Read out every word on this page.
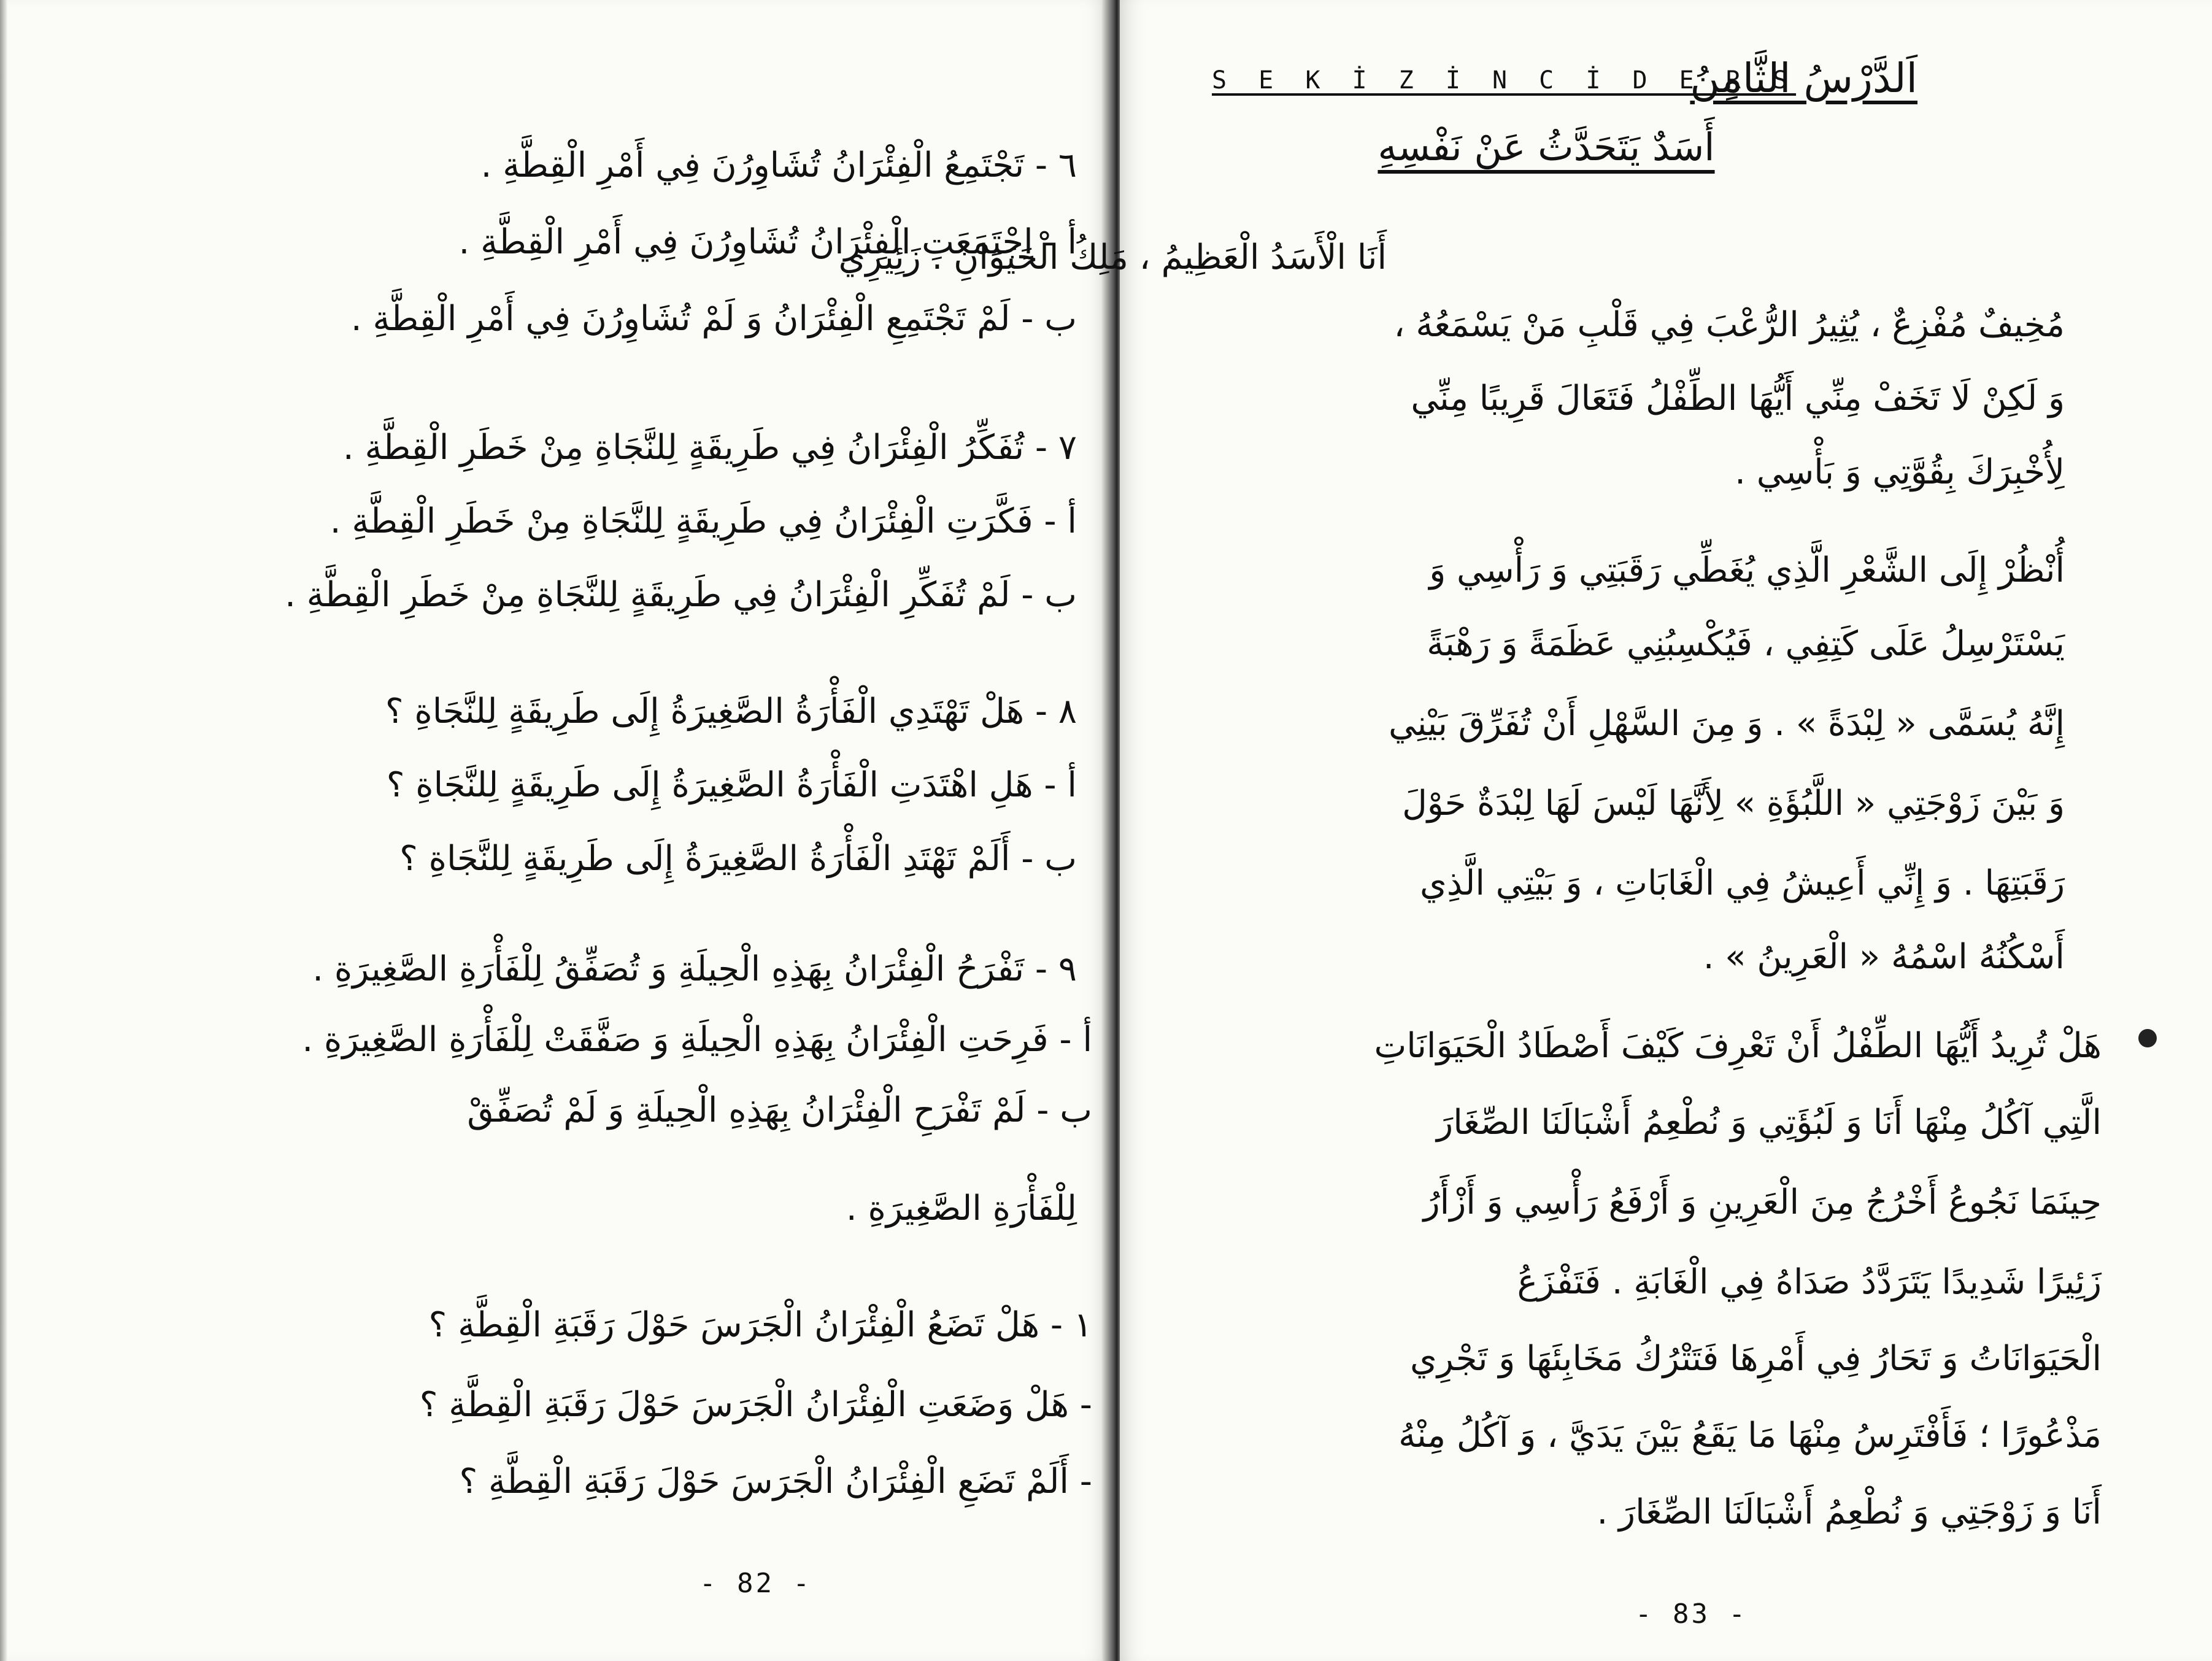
٦ - تَجْتَمِعُ الْفِئْرَانُ تُشَاوِرُنَ فِي أَمْرِ الْقِطَّةِ .
أ - اِجْتَمَعَتِ الْفِئْرَانُ تُشَاوِرُنَ فِي أَمْرِ الْقِطَّةِ .
ب - لَمْ تَجْتَمِعِ الْفِئْرَانُ وَ لَمْ تُشَاوِرُنَ فِي أَمْرِ الْقِطَّةِ .
٧ - تُفَكِّرُ الْفِئْرَانُ فِي طَرِيقَةٍ لِلنَّجَاةِ مِنْ خَطَرِ الْقِطَّةِ .
أ - فَكَّرَتِ الْفِئْرَانُ فِي طَرِيقَةٍ لِلنَّجَاةِ مِنْ خَطَرِ الْقِطَّةِ .
ب - لَمْ تُفَكِّرِ الْفِئْرَانُ فِي طَرِيقَةٍ لِلنَّجَاةِ مِنْ خَطَرِ الْقِطَّةِ .
٨ - هَلْ تَهْتَدِي الْفَأْرَةُ الصَّغِيرَةُ إِلَى طَرِيقَةٍ لِلنَّجَاةِ ؟
أ - هَلِ اهْتَدَتِ الْفَأْرَةُ الصَّغِيرَةُ إِلَى طَرِيقَةٍ لِلنَّجَاةِ ؟
ب - أَلَمْ تَهْتَدِ الْفَأْرَةُ الصَّغِيرَةُ إِلَى طَرِيقَةٍ لِلنَّجَاةِ ؟
٩ - تَفْرَحُ الْفِئْرَانُ بِهَذِهِ الْحِيلَةِ وَ تُصَفِّقُ لِلْفَأْرَةِ الصَّغِيرَةِ .
أ - فَرِحَتِ الْفِئْرَانُ بِهَذِهِ الْحِيلَةِ وَ صَفَّقَتْ لِلْفَأْرَةِ الصَّغِيرَةِ .
ب - لَمْ تَفْرَحِ الْفِئْرَانُ بِهَذِهِ الْحِيلَةِ وَ لَمْ تُصَفِّقْ
لِلْفَأْرَةِ الصَّغِيرَةِ .
١ - هَلْ تَضَعُ الْفِئْرَانُ الْجَرَسَ حَوْلَ رَقَبَةِ الْقِطَّةِ ؟
- هَلْ وَضَعَتِ الْفِئْرَانُ الْجَرَسَ حَوْلَ رَقَبَةِ الْقِطَّةِ ؟
- أَلَمْ تَضَعِ الْفِئْرَانُ الْجَرَسَ حَوْلَ رَقَبَةِ الْقِطَّةِ ؟
- 82 -
- 83 -
S E K İ Z İ N C İ D E R S
اَلدَّرْسُ الثَّامِنُ
أَسَدٌ يَتَحَدَّثُ عَنْ نَفْسِهِ
أَنَا الْأَسَدُ الْعَظِيمُ ، مَلِكُ الْحَيَوَانِ . زَئِيرِي
مُخِيفٌ مُفْزِعٌ ، يُثِيرُ الرُّعْبَ فِي قَلْبِ مَنْ يَسْمَعُهُ ،
وَ لَكِنْ لَا تَخَفْ مِنِّي أَيُّهَا الطِّفْلُ فَتَعَالَ قَرِيبًا مِنِّي
لِأُخْبِرَكَ بِقُوَّتِي وَ بَأْسِي .
أُنْظُرْ إِلَى الشَّعْرِ الَّذِي يُغَطِّي رَقَبَتِي وَ رَأْسِي وَ
يَسْتَرْسِلُ عَلَى كَتِفِي ، فَيُكْسِبُنِي عَظَمَةً وَ رَهْبَةً
إِنَّهُ يُسَمَّى « لِبْدَةً » . وَ مِنَ السَّهْلِ أَنْ تُفَرِّقَ بَيْنِي
وَ بَيْنَ زَوْجَتِي « اللَّبُؤَةِ » لِأَنَّهَا لَيْسَ لَهَا لِبْدَةٌ حَوْلَ
رَقَبَتِهَا . وَ إِنِّي أَعِيشُ فِي الْغَابَاتِ ، وَ بَيْتِي الَّذِي
أَسْكُنُهُ اسْمُهُ « الْعَرِينُ » .
هَلْ تُرِيدُ أَيُّهَا الطِّفْلُ أَنْ تَعْرِفَ كَيْفَ أَصْطَادُ الْحَيَوَانَاتِ
الَّتِي آكُلُ مِنْهَا أَنَا وَ لَبُؤَتِي وَ نُطْعِمُ أَشْبَالَنَا الصِّغَارَ
حِينَمَا نَجُوعُ أَخْرُجُ مِنَ الْعَرِينِ وَ أَرْفَعُ رَأْسِي وَ أَزْأَرُ
زَئِيرًا شَدِيدًا يَتَرَدَّدُ صَدَاهُ فِي الْغَابَةِ . فَتَفْزَعُ
الْحَيَوَانَاتُ وَ تَحَارُ فِي أَمْرِهَا فَتَتْرُكُ مَخَابِئَهَا وَ تَجْرِي
مَذْعُورًا ؛ فَأَفْتَرِسُ مِنْهَا مَا يَقَعُ بَيْنَ يَدَيَّ ، وَ آكُلُ مِنْهُ
أَنَا وَ زَوْجَتِي وَ نُطْعِمُ أَشْبَالَنَا الصِّغَارَ .
